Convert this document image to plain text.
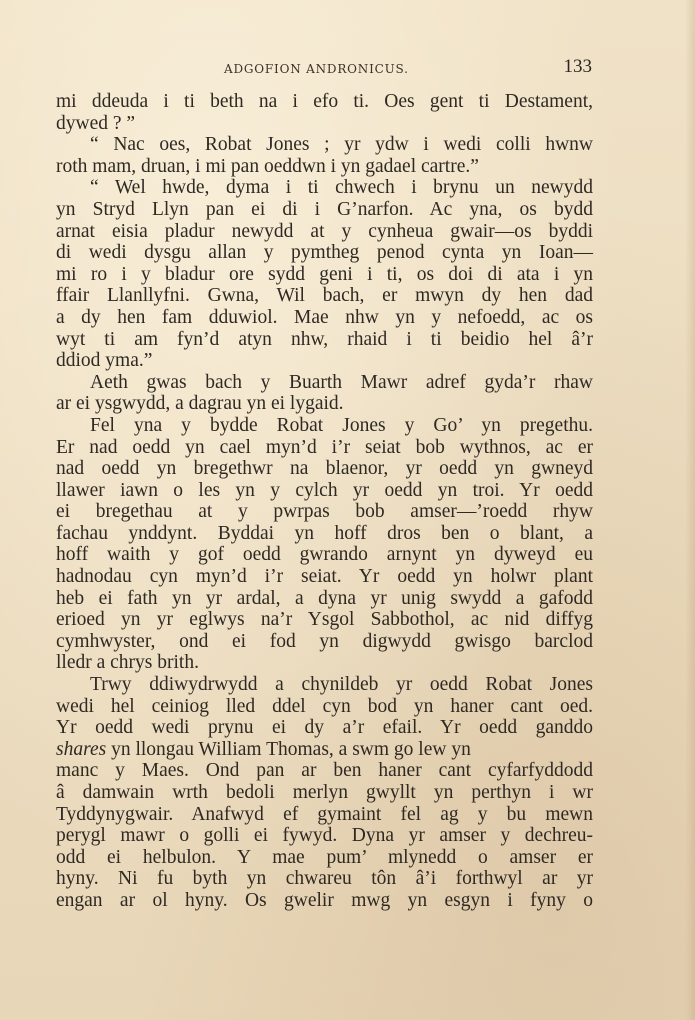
ADGOFION ANDRONICUS.	133
mi ddeuda i ti beth na i efo ti. Oes gent ti Destament,
dywed ? ”
“ Nac oes, Robat Jones ; yr ydw i wedi colli hwnw
roth mam, druan, i mi pan oeddwn i yn gadael cartre.”
“ Wel hwde, dyma i ti chwech i brynu un newydd
yn Stryd Llyn pan ei di i G’narfon. Ac yna, os bydd
arnat eisia pladur newydd at y cynheua gwair—os byddi
di wedi dysgu allan y pymtheg penod cynta yn Ioan—
mi ro i y bladur ore sydd geni i ti, os doi di ata i yn
ffair Llanllyfni. Gwna, Wil bach, er mwyn dy hen dad
a dy hen fam dduwiol. Mae nhw yn y nefoedd, ac os
wyt ti am fyn’d atyn nhw, rhaid i ti beidio hel â’r
ddiod yma.”
Aeth gwas bach y Buarth Mawr adref gyda’r rhaw
ar ei ysgwydd, a dagrau yn ei lygaid.
Fel yna y bydde Robat Jones y Go’ yn pregethu.
Er nad oedd yn cael myn’d i’r seiat bob wythnos, ac er
nad oedd yn bregethwr na blaenor, yr oedd yn gwneyd
llawer iawn o les yn y cylch yr oedd yn troi. Yr oedd
ei bregethau at y pwrpas bob amser—’roedd rhyw
fachau ynddynt. Byddai yn hoff dros ben o blant, a
hoff waith y gof oedd gwrando arnynt yn dyweyd eu
hadnodau cyn myn’d i’r seiat. Yr oedd yn holwr plant
heb ei fath yn yr ardal, a dyna yr unig swydd a gafodd
erioed yn yr eglwys na’r Ysgol Sabbothol, ac nid diffyg
cymhwyster, ond ei fod yn digwydd gwisgo barclod
lledr a chrys brith.
Trwy ddiwydrwydd a chynildeb yr oedd Robat Jones
wedi hel ceiniog lled ddel cyn bod yn haner cant oed.
Yr oedd wedi prynu ei dy a’r efail. Yr oedd ganddo
shares yn llongau William Thomas, a swm go lew yn
manc y Maes. Ond pan ar ben haner cant cyfarfyddodd
â damwain wrth bedoli merlyn gwyllt yn perthyn i wr
Tyddynygwair. Anafwyd ef gymaint fel ag y bu mewn
perygl mawr o golli ei fywyd. Dyna yr amser y dechreu-
odd ei helbulon. Y mae pum’ mlynedd o amser er
hyny. Ni fu byth yn chwareu tôn â’i forthwyl ar yr
engan ar ol hyny. Os gwelir mwg yn esgyn i fyny o
